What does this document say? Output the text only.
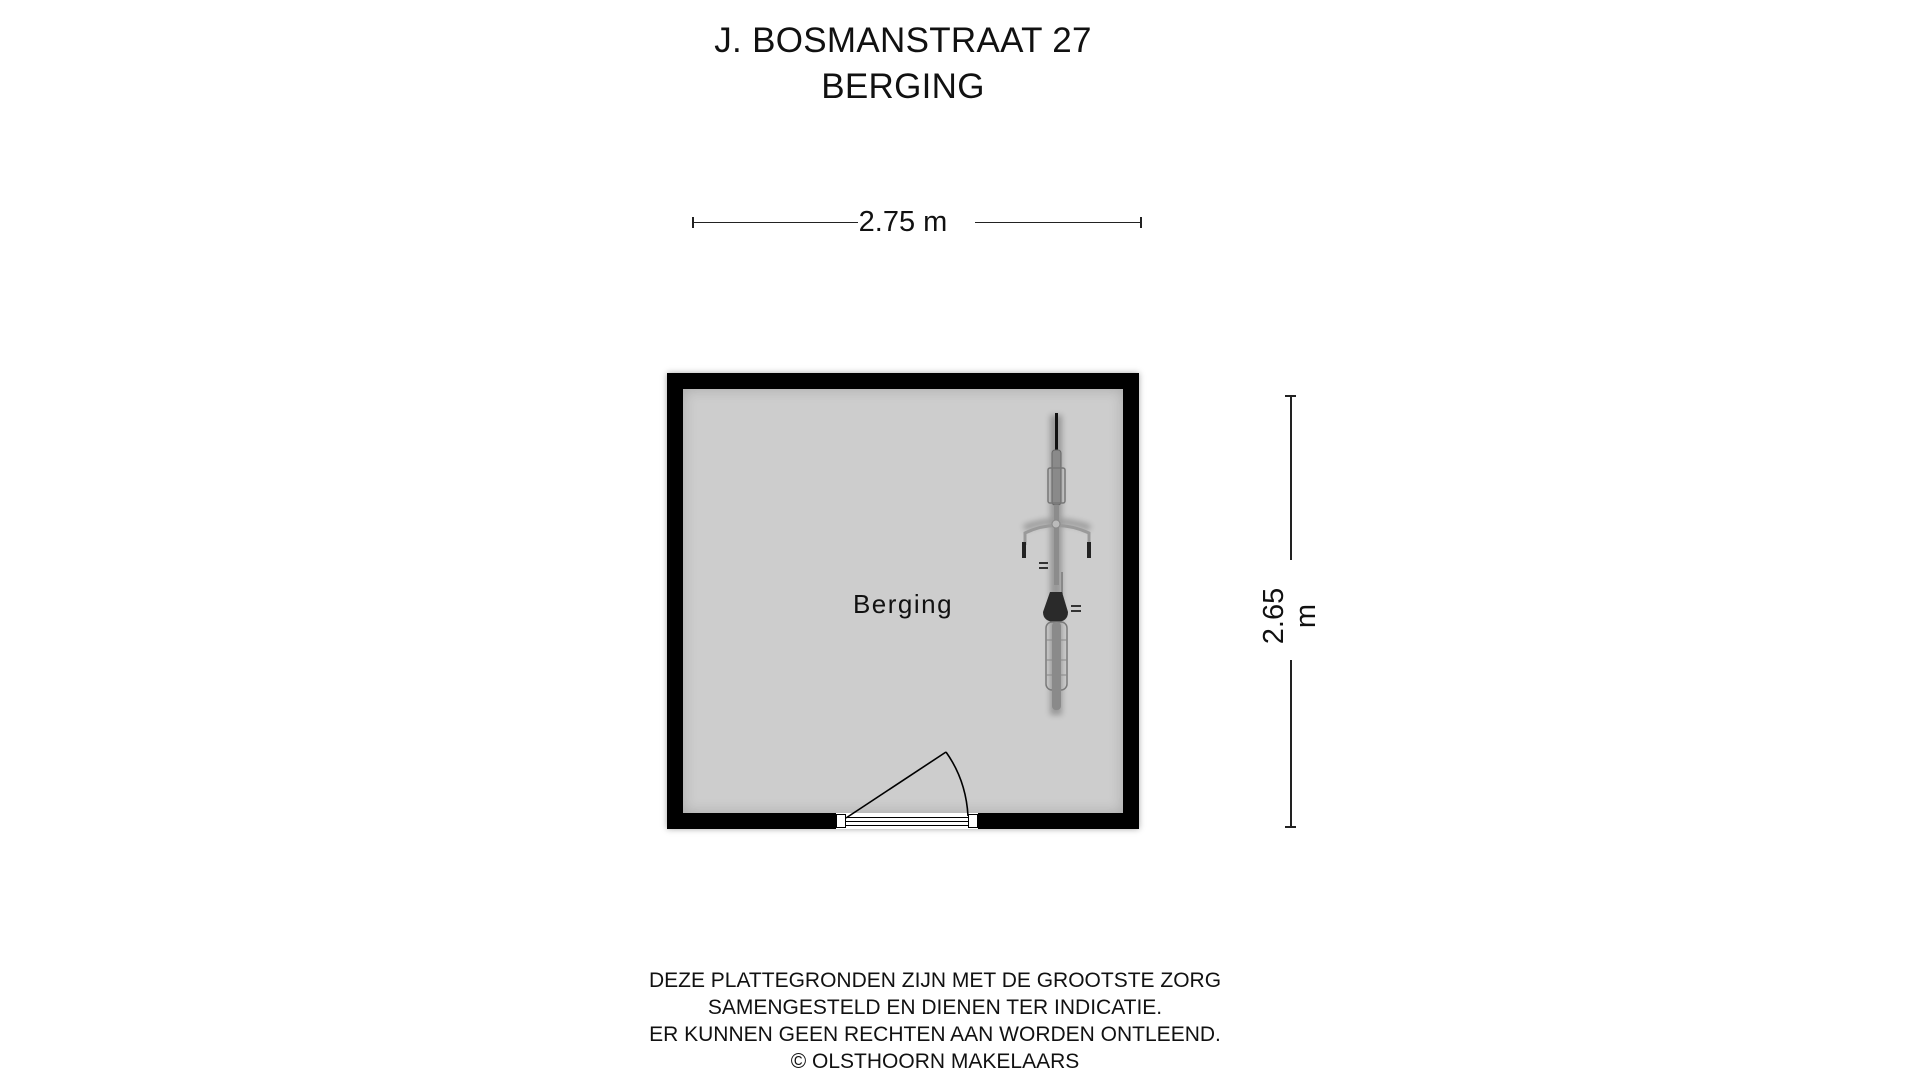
J. BOSMANSTRAAT 27
BERGING
2.75 m
2.65 m
Berging
DEZE PLATTEGRONDEN ZIJN MET DE GROOTSTE ZORG
SAMENGESTELD EN DIENEN TER INDICATIE.
ER KUNNEN GEEN RECHTEN AAN WORDEN ONTLEEND.
© OLSTHOORN MAKELAARS
